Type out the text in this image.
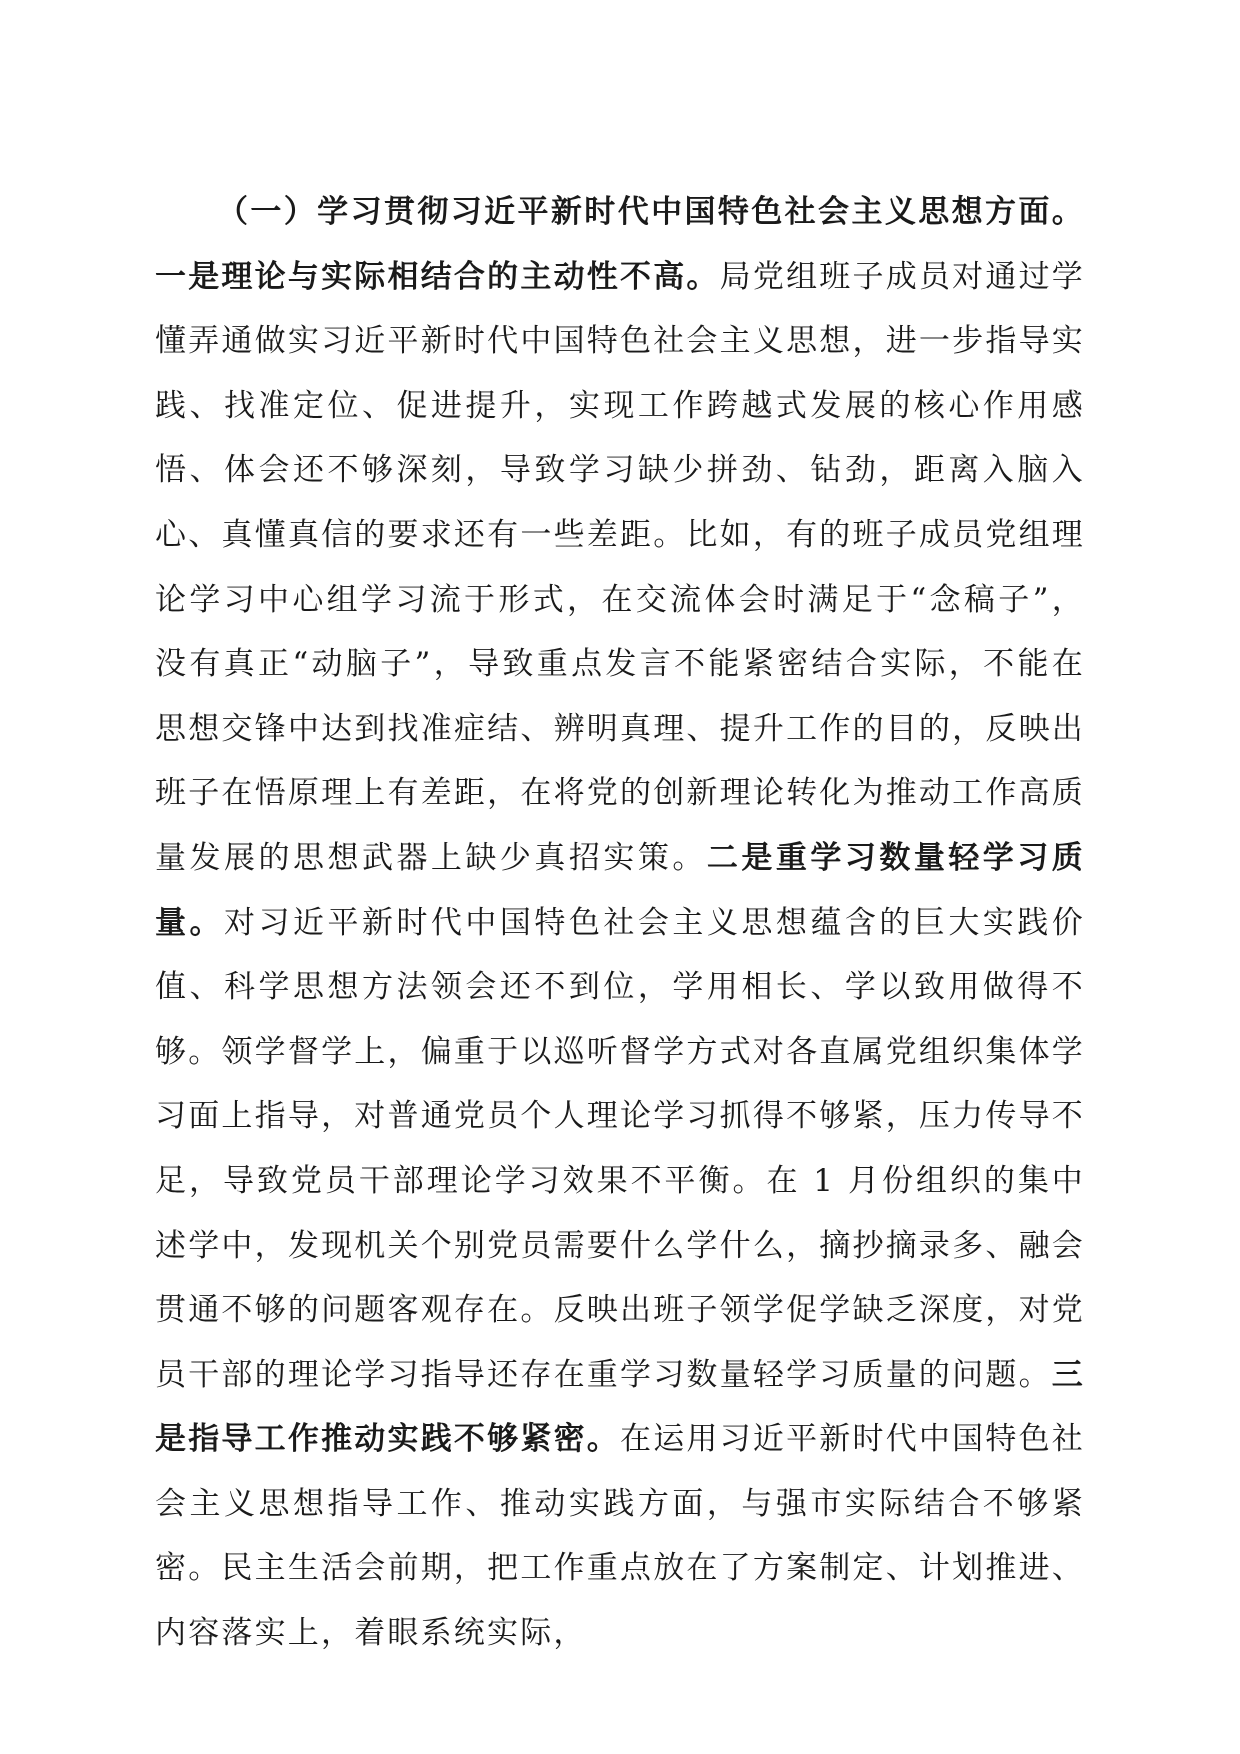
（一）学习贯彻习近平新时代中国特色社会主义思想方面。一是理论与实际相结合的主动性不高。局党组班子成员对通过学懂弄通做实习近平新时代中国特色社会主义思想，进一步指导实践、找准定位、促进提升，实现工作跨越式发展的核心作用感悟、体会还不够深刻，导致学习缺少拼劲、钻劲，距离入脑入心、真懂真信的要求还有一些差距。比如，有的班子成员党组理论学习中心组学习流于形式，在交流体会时满足于“念稿子”，没有真正“动脑子”，导致重点发言不能紧密结合实际，不能在思想交锋中达到找准症结、辨明真理、提升工作的目的，反映出班子在悟原理上有差距，在将党的创新理论转化为推动工作高质量发展的思想武器上缺少真招实策。二是重学习数量轻学习质量。对习近平新时代中国特色社会主义思想蕴含的巨大实践价值、科学思想方法领会还不到位，学用相长、学以致用做得不够。领学督学上，偏重于以巡听督学方式对各直属党组织集体学习面上指导，对普通党员个人理论学习抓得不够紧，压力传导不足，导致党员干部理论学习效果不平衡。在 1 月份组织的集中述学中，发现机关个别党员需要什么学什么，摘抄摘录多、融会贯通不够的问题客观存在。反映出班子领学促学缺乏深度，对党员干部的理论学习指导还存在重学习数量轻学习质量的问题。三是指导工作推动实践不够紧密。在运用习近平新时代中国特色社会主义思想指导工作、推动实践方面，与强市实际结合不够紧密。民主生活会前期，把工作重点放在了方案制定、计划推进、内容落实上，着眼系统实际，
